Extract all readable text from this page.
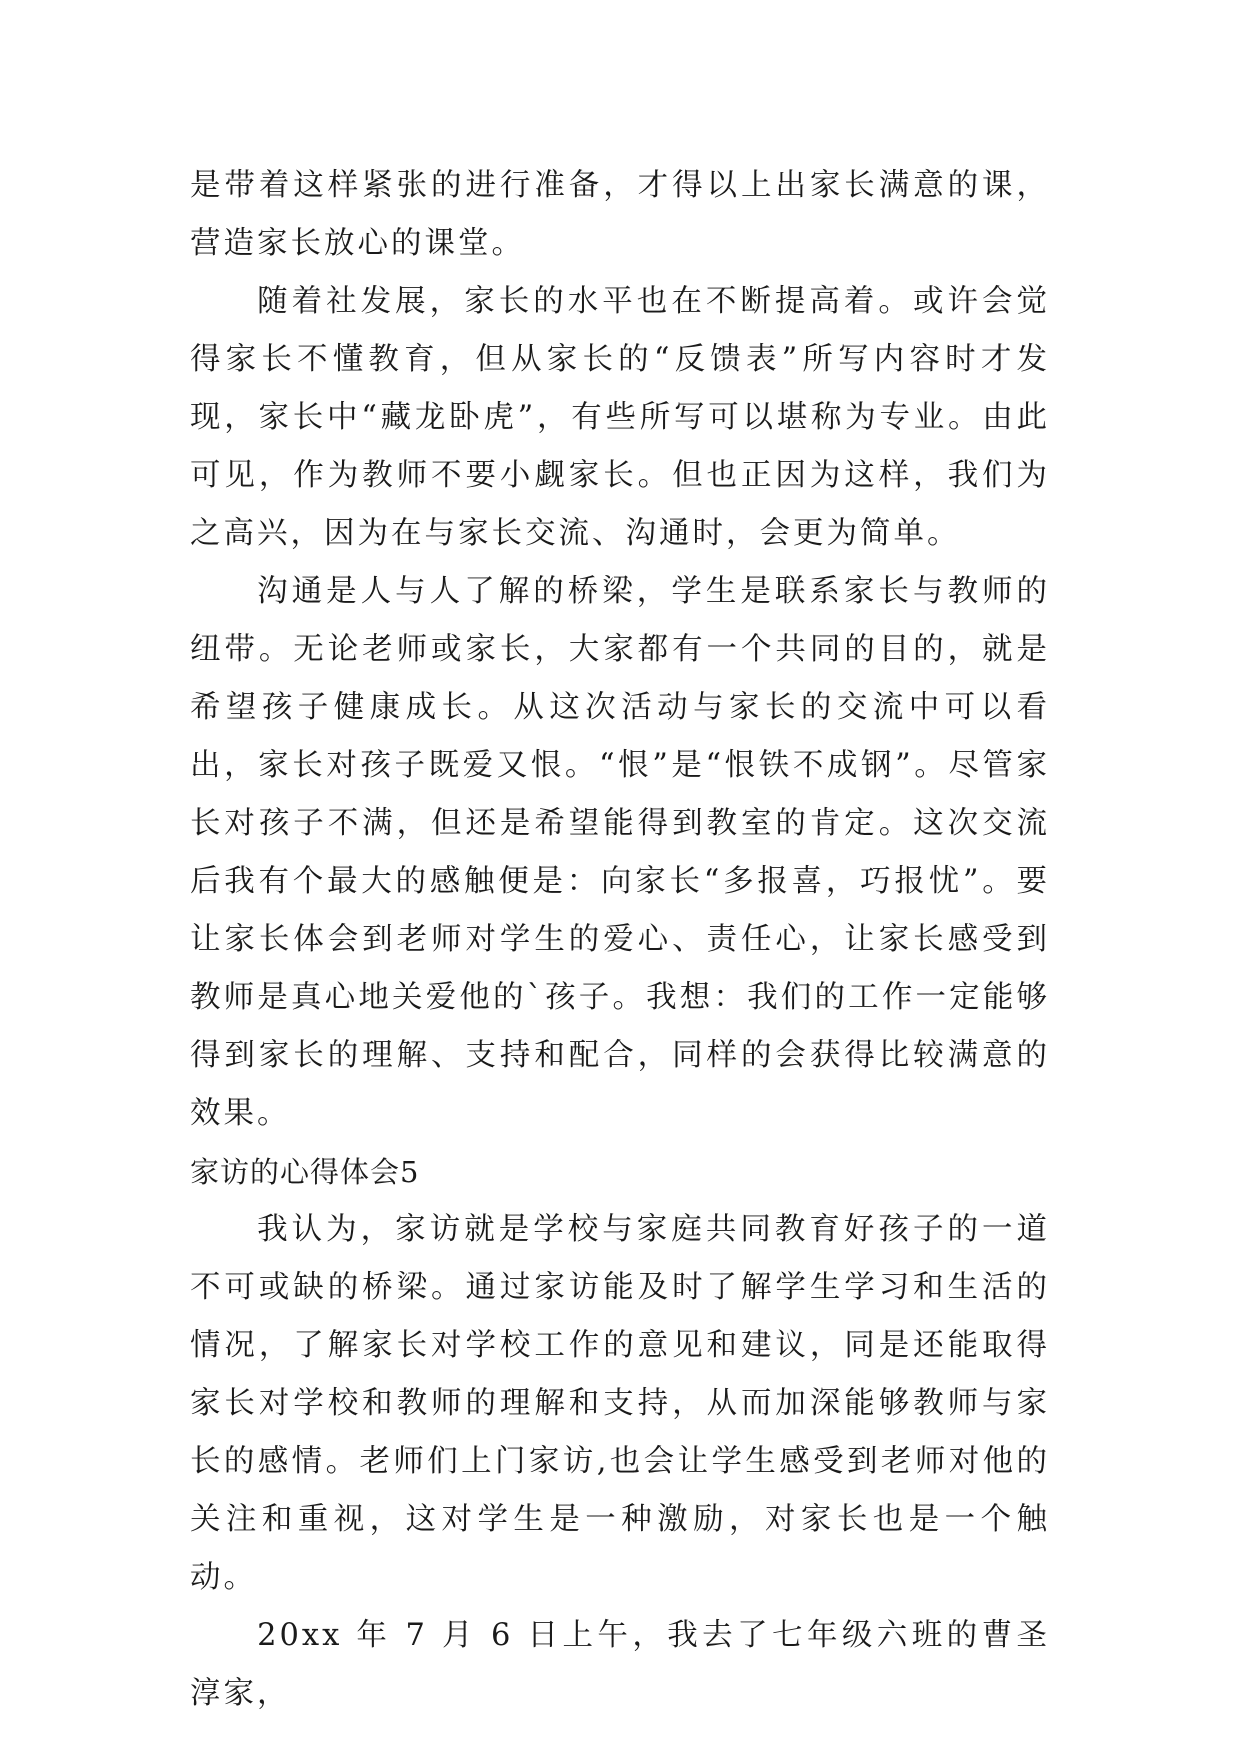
是带着这样紧张的进行准备，才得以上出家长满意的课，营造家长放心的课堂。

随着社发展，家长的水平也在不断提高着。或许会觉得家长不懂教育，但从家长的“反馈表”所写内容时才发现，家长中“藏龙卧虎”，有些所写可以堪称为专业。由此可见，作为教师不要小觑家长。但也正因为这样，我们为之高兴，因为在与家长交流、沟通时，会更为简单。

沟通是人与人了解的桥梁，学生是联系家长与教师的纽带。无论老师或家长，大家都有一个共同的目的，就是希望孩子健康成长。从这次活动与家长的交流中可以看出，家长对孩子既爱又恨。“恨”是“恨铁不成钢”。尽管家长对孩子不满，但还是希望能得到教室的肯定。这次交流后我有个最大的感触便是：向家长“多报喜，巧报忧”。要让家长体会到老师对学生的爱心、责任心，让家长感受到教师是真心地关爱他的`孩子。我想：我们的工作一定能够得到家长的理解、支持和配合，同样的会获得比较满意的效果。

家访的心得体会5

我认为，家访就是学校与家庭共同教育好孩子的一道不可或缺的桥梁。通过家访能及时了解学生学习和生活的情况，了解家长对学校工作的意见和建议，同是还能取得家长对学校和教师的理解和支持，从而加深能够教师与家长的感情。老师们上门家访,也会让学生感受到老师对他的关注和重视，这对学生是一种激励，对家长也是一个触动。

20xx 年 7 月 6 日上午，我去了七年级六班的曹圣淳家，
